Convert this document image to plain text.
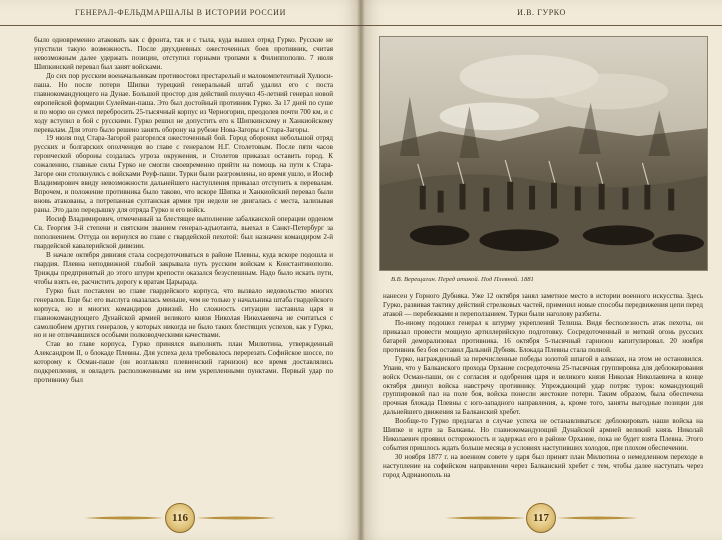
ГЕНЕРАЛ-ФЕЛЬДМАРШАЛЫ В ИСТОРИИ РОССИИ

было одновременно атаковать как с фронта, так и с тыла, куда вышел отряд Гурко. Русские не упустили такую возможность. После двухдневных ожесточенных боев противник, считая невозможным далее удержать позиции, отступил горными тропами к Филиппополю. 7 июля Шипкинский перевал был занят войсками.

До сих пор русским военачальникам противостоял престарелый и малокомпетентный Хулюси-паша. Но после потери Шипки турецкий генеральный штаб удалил его с поста главнокомандующего на Дунае. Большой простор для действий получил 45-летний генерал новой европейской формации Сулейман-паша. Это был достойный противник Гурко. За 17 дней по суше и по морю он сумел перебросить 25-тысячный корпус из Черногории, преодолев почти 700 км, и с ходу вступил в бой с русскими. Гурко решил не допустить его к Шипкинскому и Ханкиойскому перевалам. Для этого было решено занять оборону на рубеже Нова-Загоры и Стара-Загоры.

19 июля под Стара-Загорой разгорелся ожесточенный бой. Город оборонял небольшой отряд русских и болгарских ополченцев во главе с генералом Н.Г. Столетовым. После пяти часов героической обороны создалась угроза окружения, и Столетов приказал оставить город. К сожалению, главные силы Гурко не смогли своевременно прийти на помощь на пути к Стара-Загоре они столкнулись с войсками Реуф-паши. Турки были разгромлены, но время ушло, и Иосиф Владимирович ввиду невозможности дальнейшего наступления приказал отступить к перевалам. Впрочем, и положение противника было таково, что вскоре Шипка и Ханкиойский перевал были вновь атакованы, а потрепанная султанская армия три недели не двигалась с места, зализывая раны. Это дало передышку для отряда Гурко и его войск.

Иосиф Владимирович, отмеченный за блестящее выполнение забалканской операции орденом Св. Георгия 3-й степени и святским званием генерал-адъютанта, выехал в Санкт-Петербург за пополнением. Оттуда он вернулся во главе с гвардейской пехотой: был назначен командиром 2-й гвардейской кавалерийской дивизии.

В начале октября дивизия стала сосредоточиваться в районе Плевны, куда вскоре подошла и гвардия. Плевна неподвижной глыбой закрывала путь русским войскам к Константинополю. Трижды предпринятый до этого штурм крепости оказался безуспешным. Надо было искать пути, чтобы взять ее, расчистить дорогу к вратам Царырада.

Гурко был поставлен во главе гвардейского корпуса, что вызвало недовольство многих генералов. Еще бы: его выслуга оказалась меньше, чем не только у начальника штаба гвардейского корпуса, но и многих командиров дивизий. Но сложность ситуации заставила царя и главнокомандующего Дунайской армией великого князя Николая Николаевича не считаться с самолюбием других генералов, у которых никогда не было таких блестящих успехов, как у Гурко, но и не отличавшихся особыми полководческими качествами.

Став во главе корпуса, Гурко принялся выполнять план Милютина, утвержденный Александром II, о блокаде Плевны. Для успеха дела требовалось перерезать Софийское шоссе, по которому к Осман-паше (он возглавлял плевненский гарнизон) все время доставлялись подкрепления, и овладеть расположенными на нем укрепленными пунктами. Первый удар по противнику был

116
И.В. ГУРКО
В.В. Верещагин. Перед атакой. Под Плевной. 1881

нанесен у Горного Дубняка. Уже 12 октября занял заметное место в истории военного искусства. Здесь Гурко, развивая тактику действий стрелковых частей, применил новые способы передвижения цепи перед атакой — перебежками и переползанием. Турки были наголову разбиты.

По-иному подошел генерал к штурму укреплений Телиша. Видя бесполезность атак пехоты, он приказал провести мощную артиллерийскую подготовку. Сосредоточенный и меткий огонь русских батарей деморализовал противника. 16 октября 5-тысячный гарнизон капитулировал. 20 ноября противник без боя оставил Дальний Дубняк. Блокада Плевны стала полной.

Гурко, награжденный за перечисленные победы золотой шпагой в алмазах, на этом не остановился. Упаив, что у Балканского прохода Орхание сосредоточена 25-тысячная группировка для деблокирования войск Осман-паши, он с согласия и одобрения царя и великого князя Николая Николаевича в конце октября двинул войска навстречу противнику. Упреждающий удар потряс турок: командующий группировкой пал на поле боя, войска понесли жестокие потери. Таким образом, была обеспечена прочная блокада Плевны с юго-западного направления, а, кроме того, заняты выгодные позиции для дальнейшего движения за Балканский хребет.

Вообще-то Гурко предлагал в случае успеха не останавливаться: деблокировать наши войска на Шипке и идти за Балканы. Но главнокомандующий Дунайской армией великий князь Николай Николаевич проявил осторожность и задержал его в районе Орхание, пока не будет взята Плевна. Этого события пришлось ждать больше месяца в условиях наступивших холодов, при плохом обеспечении.

30 ноября 1877 г. на военном совете у царя был принят план Милютина о немедленном переходе в наступление на софийском направлении через Балканский хребет с тем, чтобы далее наступать через город Адрианополь на

117
